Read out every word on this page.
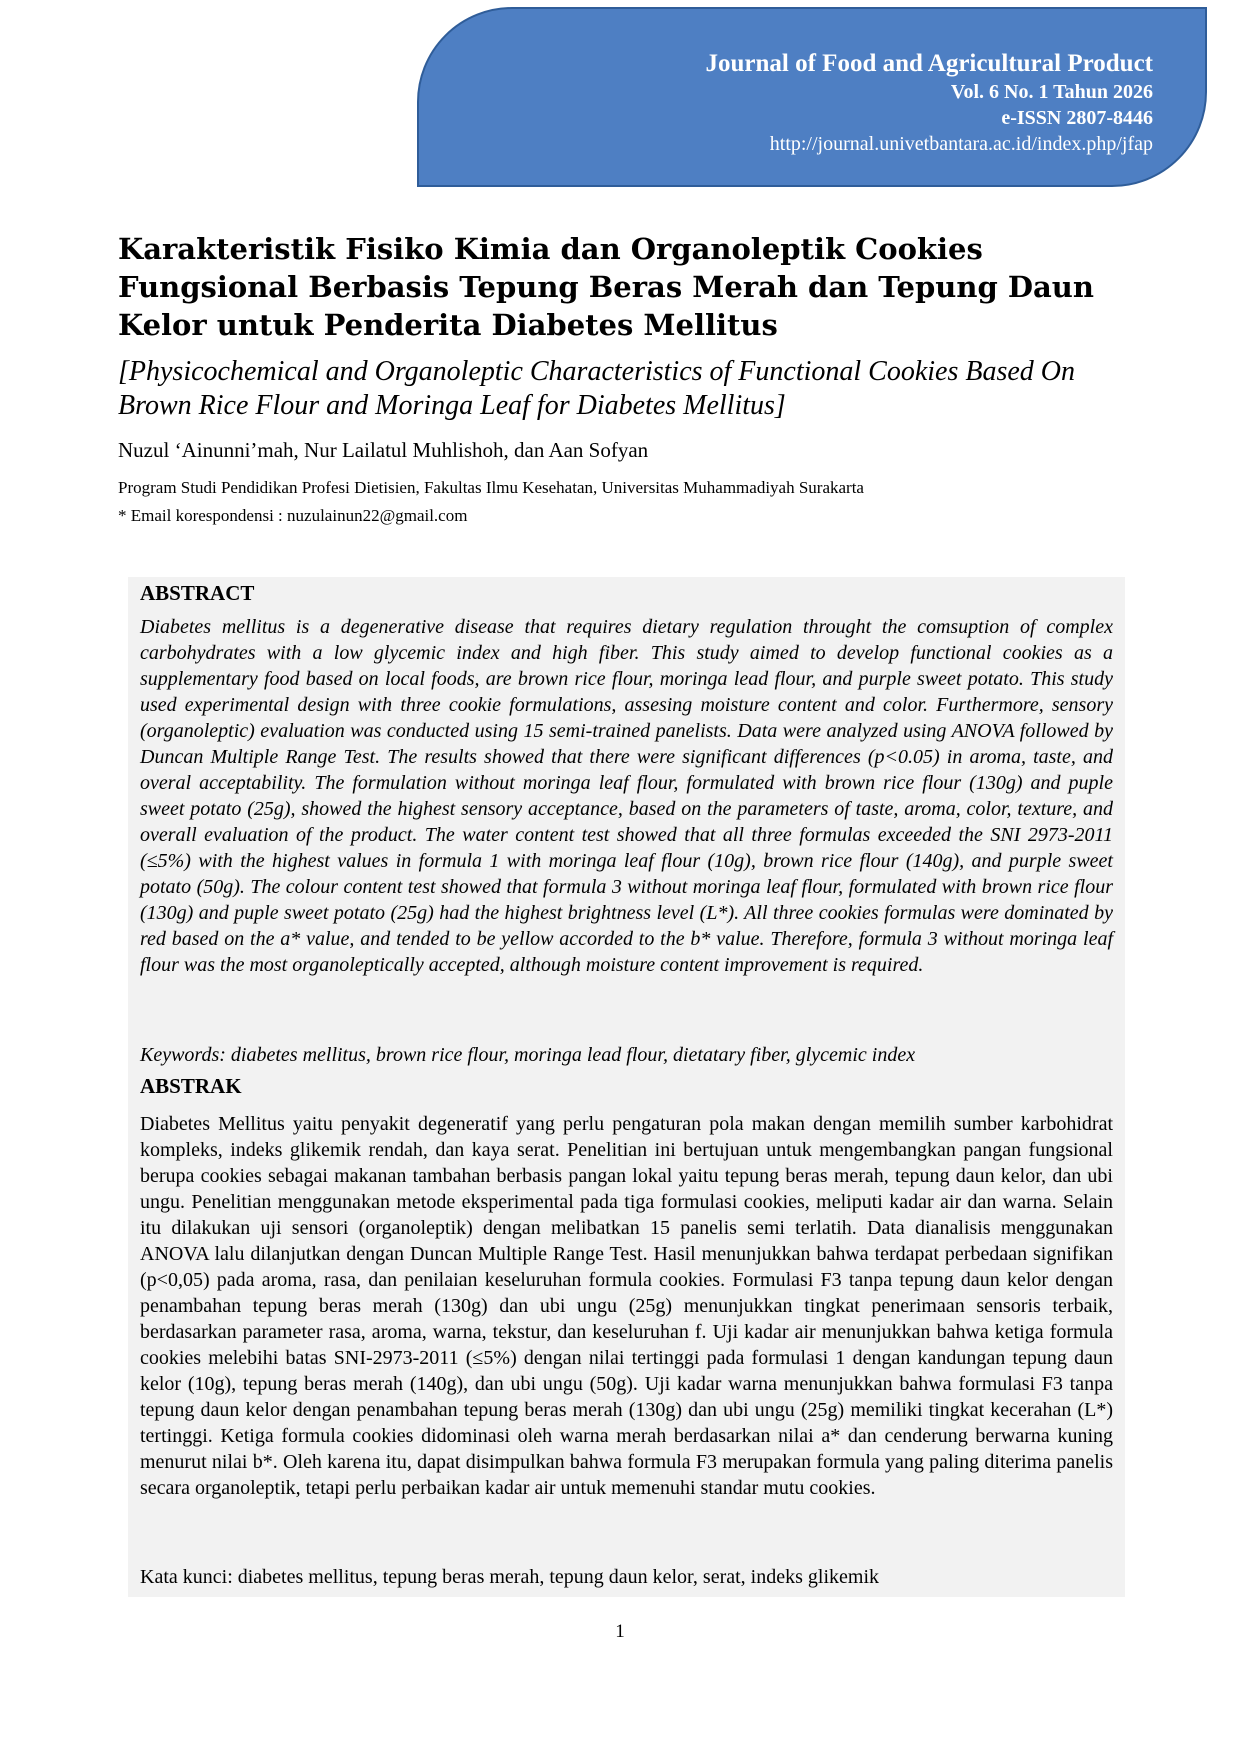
Journal of Food and Agricultural Product
Vol. 6 No. 1 Tahun 2026
e-ISSN 2807-8446
http://journal.univetbantara.ac.id/index.php/jfap
Karakteristik Fisiko Kimia dan Organoleptik Cookies Fungsional Berbasis Tepung Beras Merah dan Tepung Daun Kelor untuk Penderita Diabetes Mellitus
[Physicochemical and Organoleptic Characteristics of Functional Cookies Based On Brown Rice Flour and Moringa Leaf for Diabetes Mellitus]
Nuzul ‘Ainunni’mah, Nur Lailatul Muhlishoh, dan Aan Sofyan
Program Studi Pendidikan Profesi Dietisien, Fakultas Ilmu Kesehatan, Universitas Muhammadiyah Surakarta
* Email korespondensi : nuzulainun22@gmail.com
ABSTRACT

Diabetes mellitus is a degenerative disease that requires dietary regulation throught the comsuption of complex carbohydrates with a low glycemic index and high fiber. This study aimed to develop functional cookies as a supplementary food based on local foods, are brown rice flour, moringa lead flour, and purple sweet potato. This study used experimental design with three cookie formulations, assesing moisture content and color. Furthermore, sensory (organoleptic) evaluation was conducted using 15 semi-trained panelists. Data were analyzed using ANOVA followed by Duncan Multiple Range Test. The results showed that there were significant differences (p<0.05) in aroma, taste, and overal acceptability. The formulation without moringa leaf flour, formulated with brown rice flour (130g) and puple sweet potato (25g), showed the highest sensory acceptance, based on the parameters of taste, aroma, color, texture, and overall evaluation of the product. The water content test showed that all three formulas exceeded the SNI 2973-2011 (≤5%) with the highest values in formula 1 with moringa leaf flour (10g), brown rice flour (140g), and purple sweet potato (50g). The colour content test showed that formula 3 without moringa leaf flour, formulated with brown rice flour (130g) and puple sweet potato (25g) had the highest brightness level (L*). All three cookies formulas were dominated by red based on the a* value, and tended to be yellow accorded to the b* value. Therefore, formula 3 without moringa leaf flour was the most organoleptically accepted, although moisture content improvement is required.

Keywords: diabetes mellitus, brown rice flour, moringa lead flour, dietatary fiber, glycemic index

ABSTRAK

Diabetes Mellitus yaitu penyakit degeneratif yang perlu pengaturan pola makan dengan memilih sumber karbohidrat kompleks, indeks glikemik rendah, dan kaya serat. Penelitian ini bertujuan untuk mengembangkan pangan fungsional berupa cookies sebagai makanan tambahan berbasis pangan lokal yaitu tepung beras merah, tepung daun kelor, dan ubi ungu. Penelitian menggunakan metode eksperimental pada tiga formulasi cookies, meliputi kadar air dan warna. Selain itu dilakukan uji sensori (organoleptik) dengan melibatkan 15 panelis semi terlatih. Data dianalisis menggunakan ANOVA lalu dilanjutkan dengan Duncan Multiple Range Test. Hasil menunjukkan bahwa terdapat perbedaan signifikan (p<0,05) pada aroma, rasa, dan penilaian keseluruhan formula cookies. Formulasi F3 tanpa tepung daun kelor dengan penambahan tepung beras merah (130g) dan ubi ungu (25g) menunjukkan tingkat penerimaan sensoris terbaik, berdasarkan parameter rasa, aroma, warna, tekstur, dan keseluruhan f. Uji kadar air menunjukkan bahwa ketiga formula cookies melebihi batas SNI-2973-2011 (≤5%) dengan nilai tertinggi pada formulasi 1 dengan kandungan tepung daun kelor (10g), tepung beras merah (140g), dan ubi ungu (50g). Uji kadar warna menunjukkan bahwa formulasi F3 tanpa tepung daun kelor dengan penambahan tepung beras merah (130g) dan ubi ungu (25g) memiliki tingkat kecerahan (L*) tertinggi. Ketiga formula cookies didominasi oleh warna merah berdasarkan nilai a* dan cenderung berwarna kuning menurut nilai b*. Oleh karena itu, dapat disimpulkan bahwa formula F3 merupakan formula yang paling diterima panelis secara organoleptik, tetapi perlu perbaikan kadar air untuk memenuhi standar mutu cookies.

Kata kunci: diabetes mellitus, tepung beras merah, tepung daun kelor, serat, indeks glikemik

1
